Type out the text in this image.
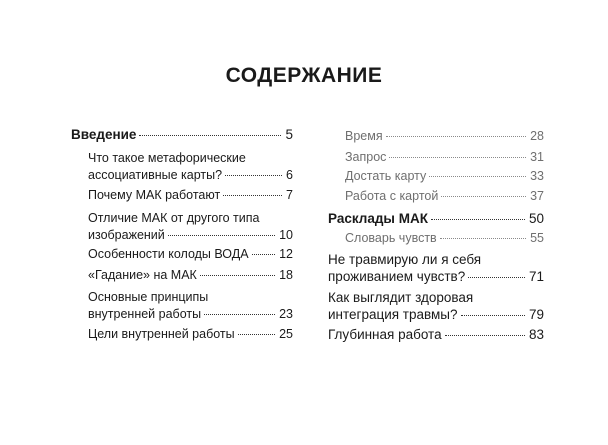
СОДЕРЖАНИЕ
Введение	5
Что такое метафорические
ассоциативные карты?	6
Почему МАК работают	7
Отличие МАК от другого типа
изображений	10
Особенности колоды ВОДА 12
«Гадание» на МАК	18
Основные принципы
внутренней работы	23
Цели внутренней работы	25
Время	28
Запрос	31
Достать карту	33
Работа с картой	37
Расклады МАК	50
Словарь чувств	55
Не травмирую ли я себя
проживанием чувств?	71
Как выглядит здоровая
интеграция травмы?	79
Глубинная работа	83
